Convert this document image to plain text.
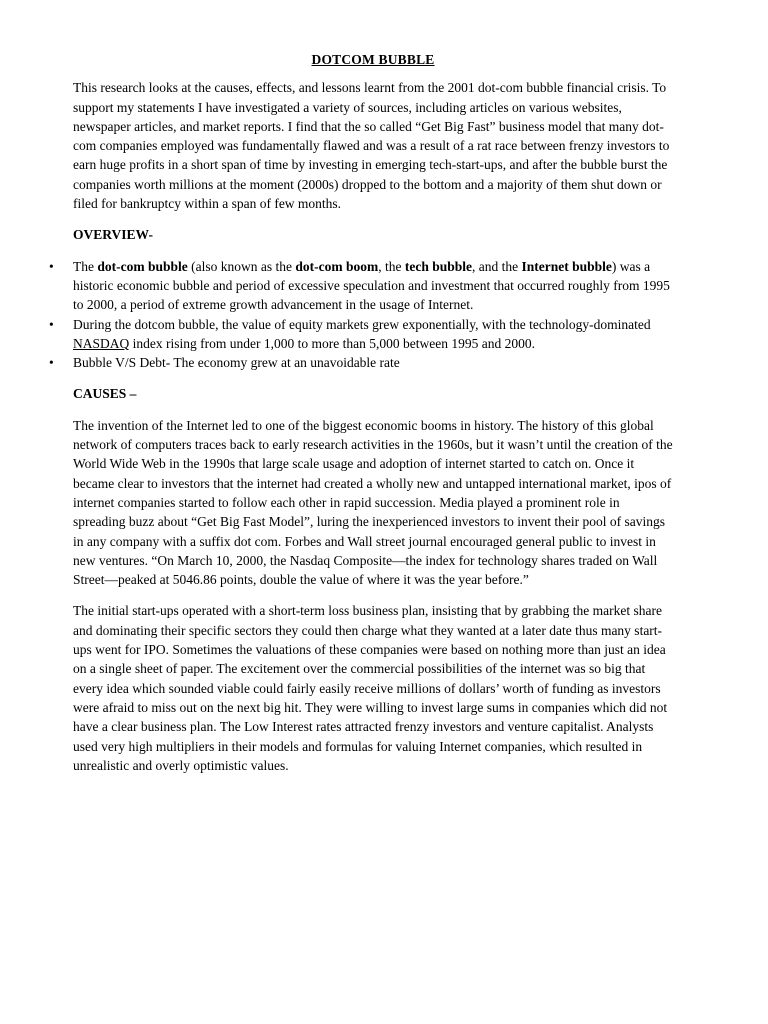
DOTCOM BUBBLE

This research looks at the causes, effects, and lessons learnt from the 2001 dot-com bubble financial crisis. To support my statements I have investigated a variety of sources, including articles on various websites, newspaper articles, and market reports. I find that the so called “Get Big Fast” business model that many dot-com companies employed was fundamentally flawed and was a result of a rat race between frenzy investors to earn huge profits in a short span of time by investing in emerging tech-start-ups, and after the bubble burst the companies worth millions at the moment (2000s) dropped to the bottom and a majority of them shut down or filed for bankruptcy within a span of few months.

OVERVIEW-

• The dot-com bubble (also known as the dot-com boom, the tech bubble, and the Internet bubble) was a historic economic bubble and period of excessive speculation and investment that occurred roughly from 1995 to 2000, a period of extreme growth advancement in the usage of Internet.
• During the dotcom bubble, the value of equity markets grew exponentially, with the technology-dominated NASDAQ index rising from under 1,000 to more than 5,000 between 1995 and 2000.
• Bubble V/S Debt- The economy grew at an unavoidable rate

CAUSES –

The invention of the Internet led to one of the biggest economic booms in history. The history of this global network of computers traces back to early research activities in the 1960s, but it wasn’t until the creation of the World Wide Web in the 1990s that large scale usage and adoption of internet started to catch on. Once it became clear to investors that the internet had created a wholly new and untapped international market, ipos of internet companies started to follow each other in rapid succession. Media played a prominent role in spreading buzz about “Get Big Fast Model”, luring the inexperienced investors to invent their pool of savings in any company with a suffix dot com. Forbes and Wall street journal encouraged general public to invest in new ventures. “On March 10, 2000, the Nasdaq Composite—the index for technology shares traded on Wall Street—peaked at 5046.86 points, double the value of where it was the year before.”

The initial start-ups operated with a short-term loss business plan, insisting that by grabbing the market share and dominating their specific sectors they could then charge what they wanted at a later date thus many start-ups went for IPO. Sometimes the valuations of these companies were based on nothing more than just an idea on a single sheet of paper. The excitement over the commercial possibilities of the internet was so big that every idea which sounded viable could fairly easily receive millions of dollars’ worth of funding as investors were afraid to miss out on the next big hit. They were willing to invest large sums in companies which did not have a clear business plan. The Low Interest rates attracted frenzy investors and venture capitalist. Analysts used very high multipliers in their models and formulas for valuing Internet companies, which resulted in unrealistic and overly optimistic values.
